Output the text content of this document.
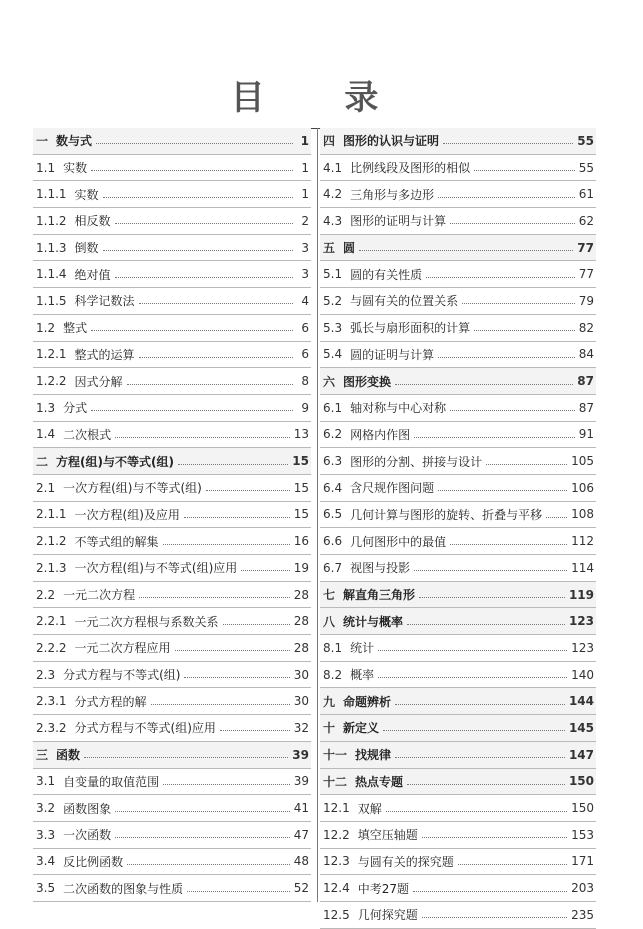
目 录
一 数与式	1
1.1 实数	1
1.1.1 实数	1
1.1.2 相反数	2
1.1.3 倒数	3
1.1.4 绝对值	3
1.1.5 科学记数法	4
1.2 整式	6
1.2.1 整式的运算	6
1.2.2 因式分解	8
1.3 分式	9
1.4 二次根式	13
二 方程(组)与不等式(组)	15
2.1 一次方程(组)与不等式(组)	15
2.1.1 一次方程(组)及应用	15
2.1.2 不等式组的解集	16
2.1.3 一次方程(组)与不等式(组)应用	19
2.2 一元二次方程	28
2.2.1 一元二次方程根与系数关系	28
2.2.2 一元二次方程应用	28
2.3 分式方程与不等式(组)	30
2.3.1 分式方程的解	30
2.3.2 分式方程与不等式(组)应用	32
三 函数	39
3.1 自变量的取值范围	39
3.2 函数图象	41
3.3 一次函数	47
3.4 反比例函数	48
3.5 二次函数的图象与性质	52
四 图形的认识与证明	55
4.1 比例线段及图形的相似	55
4.2 三角形与多边形	61
4.3 图形的证明与计算	62
五 圆	77
5.1 圆的有关性质	77
5.2 与圆有关的位置关系	79
5.3 弧长与扇形面积的计算	82
5.4 圆的证明与计算	84
六 图形变换	87
6.1 轴对称与中心对称	87
6.2 网格内作图	91
6.3 图形的分割、拼接与设计	105
6.4 含尺规作图问题	106
6.5 几何计算与图形的旋转、折叠与平移 108
6.6 几何图形中的最值	112
6.7 视图与投影	114
七 解直角三角形	119
八 统计与概率	123
8.1 统计	123
8.2 概率	140
九 命题辨析	144
十 新定义	145
十一 找规律	147
十二 热点专题	150
12.1 双解	150
12.2 填空压轴题	153
12.3 与圆有关的探究题	171
12.4 中考27题	203
12.5 几何探究题	235
